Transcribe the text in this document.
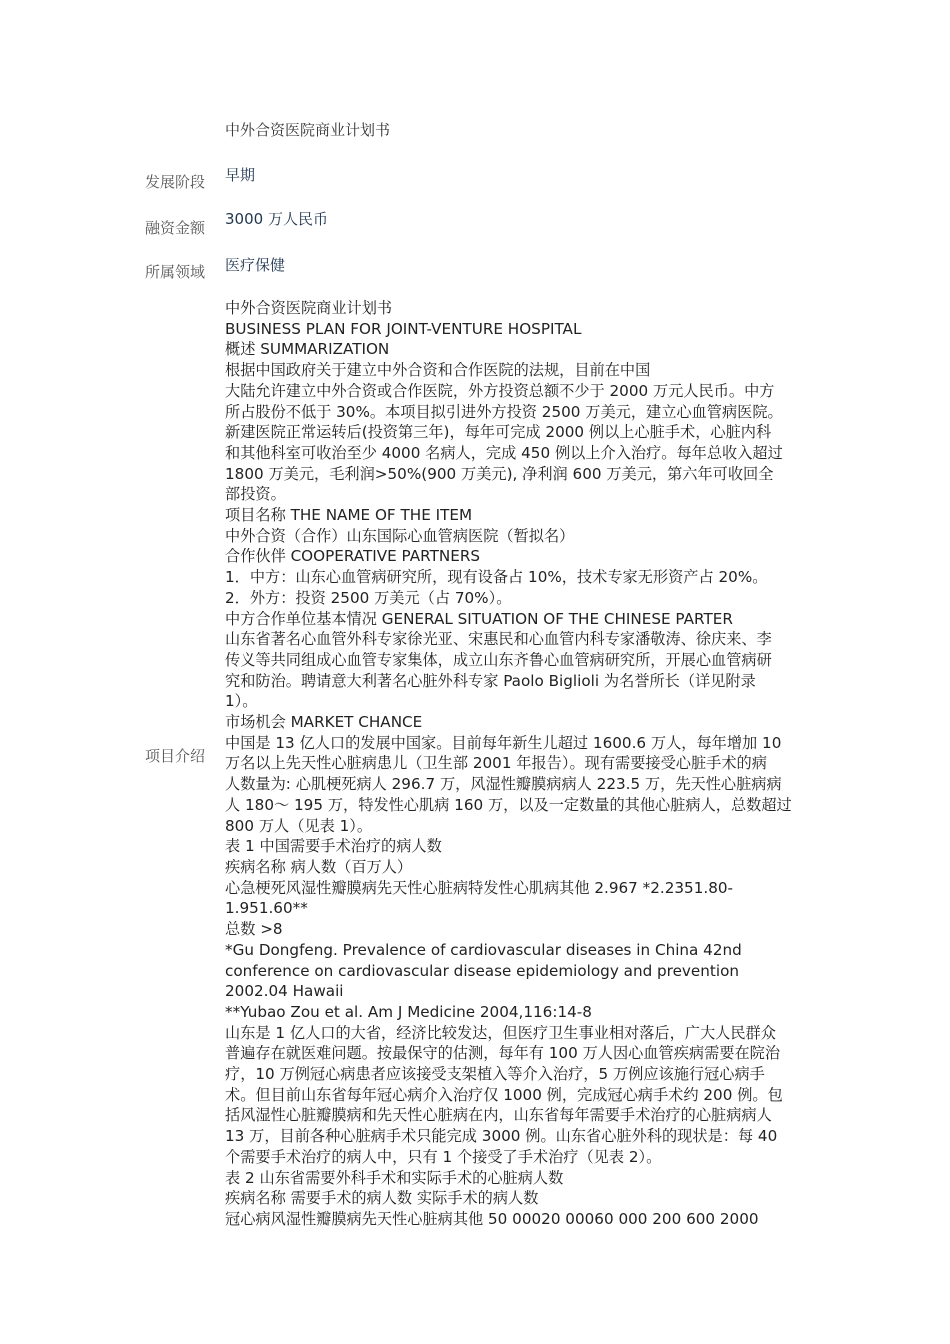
中外合资医院商业计划书
发展阶段 早期
融资金额 3000 万人民币
所属领域 医疗保健
项目介绍
中外合资医院商业计划书
BUSINESS PLAN FOR JOINT-VENTURE HOSPITAL
概述 SUMMARIZATION
根据中国政府关于建立中外合资和合作医院的法规，目前在中国
大陆允许建立中外合资或合作医院，外方投资总额不少于 2000 万元人民币。中方
所占股份不低于 30%。本项目拟引进外方投资 2500 万美元，建立心血管病医院。
新建医院正常运转后(投资第三年)，每年可完成 2000 例以上心脏手术，心脏内科
和其他科室可收治至少 4000 名病人，完成 450 例以上介入治疗。每年总收入超过
1800 万美元，毛利润>50%(900 万美元), 净利润 600 万美元，第六年可收回全
部投资。
项目名称 THE NAME OF THE ITEM
中外合资（合作）山东国际心血管病医院（暂拟名）
合作伙伴 COOPERATIVE PARTNERS
1．中方：山东心血管病研究所，现有设备占 10%，技术专家无形资产占 20%。
2．外方：投资 2500 万美元（占 70%）。
中方合作单位基本情况 GENERAL SITUATION OF THE CHINESE PARTER
山东省著名心血管外科专家徐光亚、宋惠民和心血管内科专家潘敬涛、徐庆来、李
传义等共同组成心血管专家集体，成立山东齐鲁心血管病研究所，开展心血管病研
究和防治。聘请意大利著名心脏外科专家 Paolo Biglioli 为名誉所长（详见附录
1）。
市场机会 MARKET CHANCE
中国是 13 亿人口的发展中国家。目前每年新生儿超过 1600.6 万人，每年增加 10
万名以上先天性心脏病患儿（卫生部 2001 年报告）。现有需要接受心脏手术的病
人数量为: 心肌梗死病人 296.7 万，风湿性瓣膜病病人 223.5 万，先天性心脏病病
人 180～ 195 万，特发性心肌病 160 万，以及一定数量的其他心脏病人，总数超过
800 万人（见表 1）。
表 1 中国需要手术治疗的病人数
疾病名称 病人数（百万人）
心急梗死风湿性瓣膜病先天性心脏病特发性心肌病其他 2.967 *2.2351.80-
1.951.60**
总数 >8
*Gu Dongfeng. Prevalence of cardiovascular diseases in China 42nd
conference on cardiovascular disease epidemiology and prevention
2002.04 Hawaii
**Yubao Zou et al. Am J Medicine 2004,116:14-8
山东是 1 亿人口的大省，经济比较发达，但医疗卫生事业相对落后，广大人民群众
普遍存在就医难问题。按最保守的估测，每年有 100 万人因心血管疾病需要在院治
疗，10 万例冠心病患者应该接受支架植入等介入治疗，5 万例应该施行冠心病手
术。但目前山东省每年冠心病介入治疗仅 1000 例，完成冠心病手术约 200 例。包
括风湿性心脏瓣膜病和先天性心脏病在内，山东省每年需要手术治疗的心脏病病人
13 万，目前各种心脏病手术只能完成 3000 例。山东省心脏外科的现状是：每 40
个需要手术治疗的病人中，只有 1 个接受了手术治疗（见表 2）。
表 2 山东省需要外科手术和实际手术的心脏病人数
疾病名称 需要手术的病人数 实际手术的病人数
冠心病风湿性瓣膜病先天性心脏病其他 50 00020 00060 000 200 600 2000
